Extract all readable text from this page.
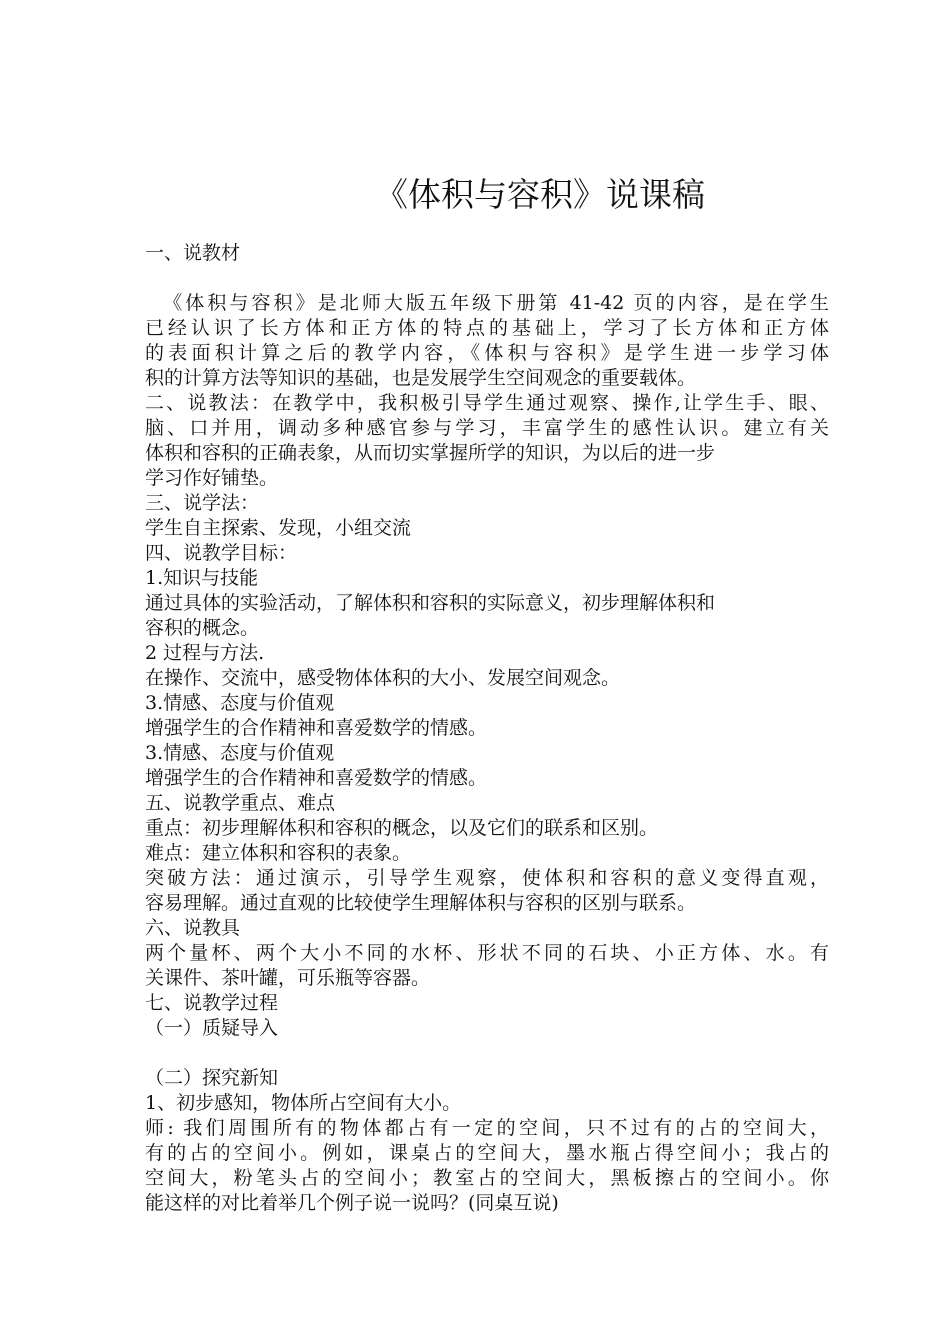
《体积与容积》说课稿
一、说教材
《体积与容积》是北师大版五年级下册第 41-42 页的内容，是在学生
已经认识了长方体和正方体的特点的基础上，学习了长方体和正方体
的表面积计算之后的教学内容，《体积与容积》是学生进一步学习体
积的计算方法等知识的基础，也是发展学生空间观念的重要载体。
二、说教法：在教学中，我积极引导学生通过观察、操作,让学生手、眼、
脑、口并用，调动多种感官参与学习，丰富学生的感性认识。建立有关
体积和容积的正确表象，从而切实掌握所学的知识，为以后的进一步
学习作好铺垫。
三、说学法：
学生自主探索、发现，小组交流
四、说教学目标：
1.知识与技能
通过具体的实验活动，了解体积和容积的实际意义，初步理解体积和
容积的概念。
2 过程与方法.
在操作、交流中，感受物体体积的大小、发展空间观念。
3.情感、态度与价值观
增强学生的合作精神和喜爱数学的情感。
3.情感、态度与价值观
增强学生的合作精神和喜爱数学的情感。
五、说教学重点、难点
重点：初步理解体积和容积的概念，以及它们的联系和区别。
难点：建立体积和容积的表象。
突破方法：通过演示，引导学生观察，使体积和容积的意义变得直观，
容易理解。通过直观的比较使学生理解体积与容积的区别与联系。
六、说教具
两个量杯、两个大小不同的水杯、形状不同的石块、小正方体、水。有
关课件、茶叶罐，可乐瓶等容器。
七、说教学过程
（一）质疑导入
（二）探究新知
1、初步感知，物体所占空间有大小。
师: 我们周围所有的物体都占有一定的空间，只不过有的占的空间大，
有的占的空间小。例如，课桌占的空间大，墨水瓶占得空间小；我占的
空间大，粉笔头占的空间小；教室占的空间大，黑板擦占的空间小。你
能这样的对比着举几个例子说一说吗？(同桌互说)
